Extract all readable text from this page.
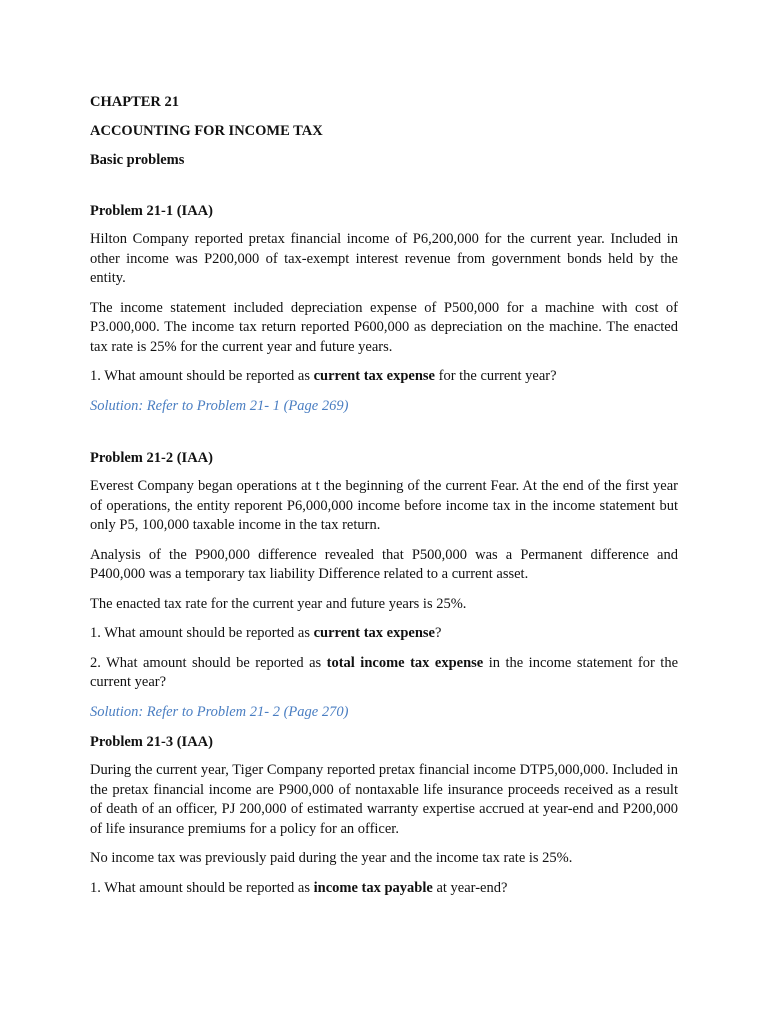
CHAPTER 21
ACCOUNTING FOR INCOME TAX
Basic problems
Problem 21-1 (IAA)
Hilton Company reported pretax financial income of P6,200,000 for the current year. Included in other income was P200,000 of tax-exempt interest revenue from government bonds held by the entity.
The income statement included depreciation expense of P500,000 for a machine with cost of P3.000,000. The income tax return reported P600,000 as depreciation on the machine. The enacted tax rate is 25% for the current year and future years.
1. What amount should be reported as current tax expense for the current year?
Solution: Refer to Problem 21- 1 (Page 269)
Problem 21-2 (IAA)
Everest Company began operations at t the beginning of the current Fear. At the end of the first year of operations, the entity reporent P6,000,000 income before income tax in the income statement but only P5, 100,000 taxable income in the tax return.
Analysis of the P900,000 difference revealed that P500,000 was a Permanent difference and P400,000 was a temporary tax liability Difference related to a current asset.
The enacted tax rate for the current year and future years is 25%.
1. What amount should be reported as current tax expense?
2. What amount should be reported as total income tax expense in the income statement for the current year?
Solution: Refer to Problem 21- 2 (Page 270)
Problem 21-3 (IAA)
During the current year, Tiger Company reported pretax financial income DTP5,000,000. Included in the pretax financial income are P900,000 of nontaxable life insurance proceeds received as a result of death of an officer, PJ 200,000 of estimated warranty expertise accrued at year-end and P200,000 of life insurance premiums for a policy for an officer.
No income tax was previously paid during the year and the income tax rate is 25%.
1. What amount should be reported as income tax payable at year-end?
